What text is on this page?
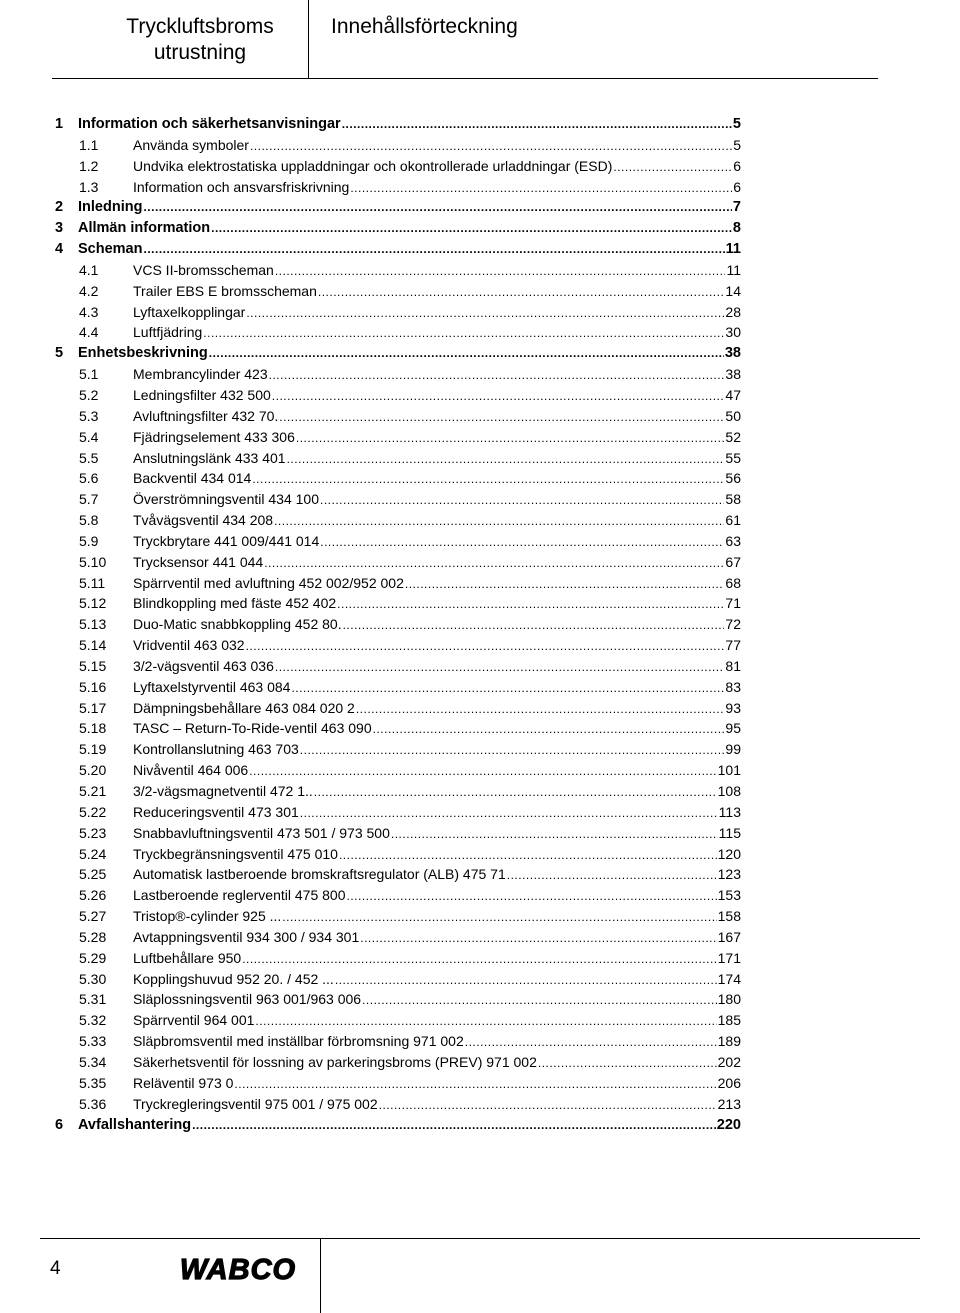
Tryckluftsbroms
utrustning
Innehållsförteckning
1 Information och säkerhetsanvisningar .....	5
1.1 Använda symboler .....	5
1.2 Undvika elektrostatiska uppladdningar och okontrollerade urladdningar (ESD) .....	6
1.3 Information och ansvarsfriskrivning .....	6
2 Inledning .....	7
3 Allmän information .....	8
4 Scheman .....	11
4.1 VCS II-bromsscheman .....	11
4.2 Trailer EBS E bromsscheman .....	14
4.3 Lyftaxelkopplingar .....	28
4.4 Luftfjädring .....	30
5 Enhetsbeskrivning .....	38
5.1 Membrancylinder 423 .....	38
5.2 Ledningsfilter 432 500 .....	47
5.3 Avluftningsfilter 432 70. .....	50
5.4 Fjädringselement 433 306 .....	52
5.5 Anslutningslänk 433 401 .....	55
5.6 Backventil 434 014 .....	56
5.7 Överströmningsventil 434 100 .....	58
5.8 Tvåvägsventil 434 208 .....	61
5.9 Tryckbrytare 441 009/441 014 .....	63
5.10 Trycksensor 441 044 .....	67
5.11 Spärrventil med avluftning 452 002/952 002 .....	68
5.12 Blindkoppling med fäste 452 402 .....	71
5.13 Duo-Matic snabbkoppling 452 80. .....	72
5.14 Vridventil 463 032 .....	77
5.15 3/2-vägsventil 463 036 .....	81
5.16 Lyftaxelstyrventil 463 084 .....	83
5.17 Dämpningsbehållare 463 084 020 2 .....	93
5.18 TASC – Return-To-Ride-ventil 463 090 .....	95
5.19 Kontrollanslutning 463 703 .....	99
5.20 Nivåventil 464 006 .....	101
5.21 3/2-vägsmagnetventil 472 1.. .....	108
5.22 Reduceringsventil 473 301 .....	113
5.23 Snabbavluftningsventil 473 501 / 973 500 .....	115
5.24 Tryckbegränsningsventil 475 010 .....	120
5.25 Automatisk lastberoende bromskraftsregulator (ALB) 475 71 .....	123
5.26 Lastberoende reglerventil 475 800 .....	153
5.27 Tristop®-cylinder 925 ... .....	158
5.28 Avtappningsventil 934 300 / 934 301 .....	167
5.29 Luftbehållare 950 .....	171
5.30 Kopplingshuvud 952 20. / 452 ... .....	174
5.31 Släplossningsventil 963 001/963 006 .....	180
5.32 Spärrventil 964 001 .....	185
5.33 Släpbromsventil med inställbar förbromsning 971 002 .....	189
5.34 Säkerhetsventil för lossning av parkeringsbroms (PREV) 971 002 .....	202
5.35 Reläventil 973 0 .....	206
5.36 Tryckregleringsventil 975 001 / 975 002 .....	213
6 Avfallshantering .....	220
4	WABCO
